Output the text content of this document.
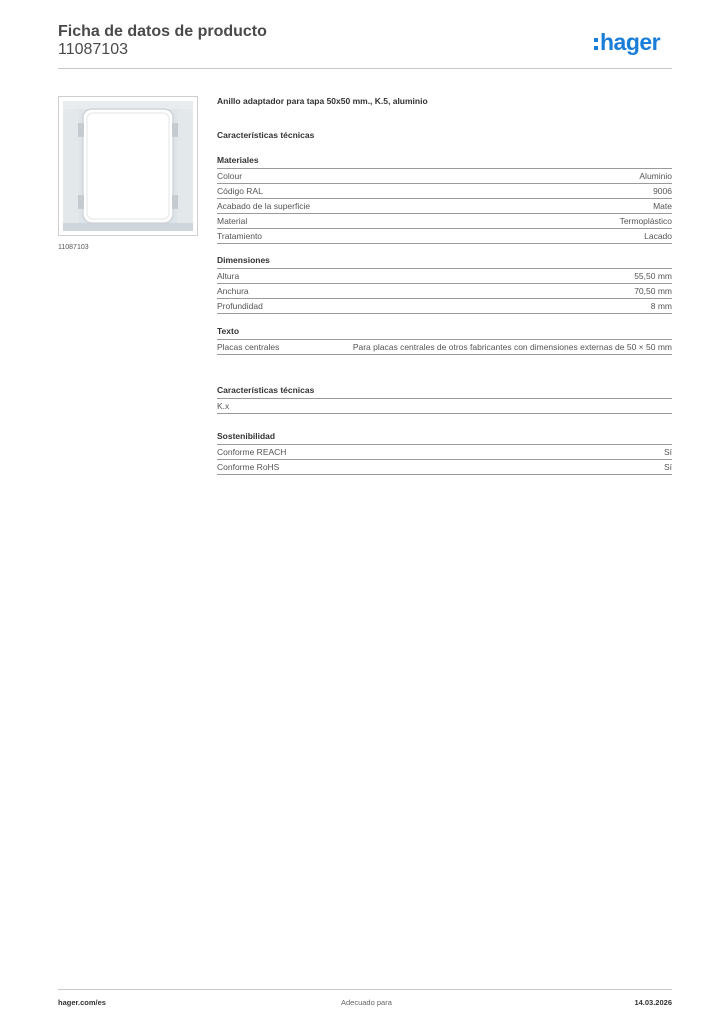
Ficha de datos de producto
11087103	hager
11087103

Anillo adaptador para tapa 50x50 mm., K.5, aluminio

Características técnicas
Materiales
Colour	Aluminio
Código RAL	9006
Acabado de la superficie	Mate
Material	Termoplástico
Tratamiento	Lacado
Dimensiones
Altura	55,50 mm
Anchura	70,50 mm
Profundidad	8 mm
Texto
Placas centrales	Para placas centrales de otros fabricantes con dimensiones externas de 50 × 50 mm
Características técnicas
K.x
Sostenibilidad
Conforme REACH	Sí
Conforme RoHS	Sí
hager.com/es	Adecuado para	14.03.2026
